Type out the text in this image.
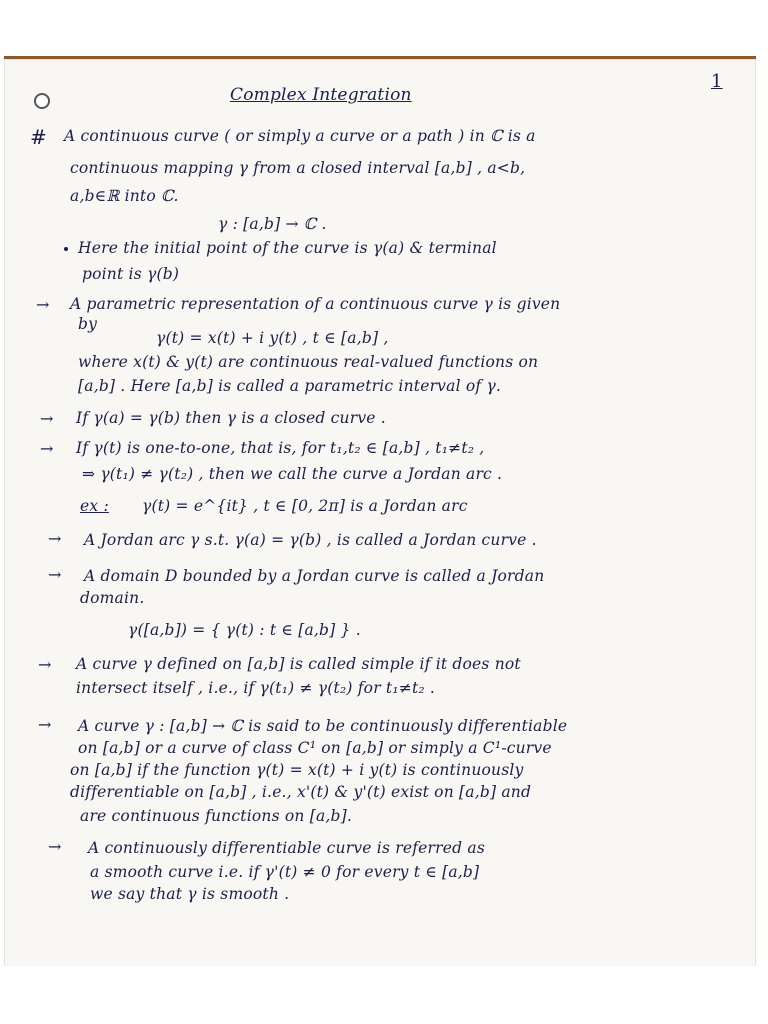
Complex Integration

1

# A continuous curve ( or simply a curve or a path ) in ℂ is a

continuous mapping γ from a closed interval [a,b] , a<b,

a,b∈ℝ into ℂ.

γ : [a,b] → ℂ .

Here the initial point of the curve is γ(a) & terminal

point is γ(b)

→ A parametric representation of a continuous curve γ is given

by

γ(t) = x(t) + i y(t) , t ∈ [a,b] ,

where x(t) & y(t) are continuous real-valued functions on

[a,b] . Here [a,b] is called a parametric interval of γ.

→ If γ(a) = γ(b) then γ is a closed curve .

→ If γ(t) is one-to-one, that is, for t₁,t₂ ∈ [a,b] , t₁≠t₂ ,

⇒ γ(t₁) ≠ γ(t₂) , then we call the curve a Jordan arc .

ex : γ(t) = e^{it} , t ∈ [0, 2π] is a Jordan arc

→ A Jordan arc γ s.t. γ(a) = γ(b) , is called a Jordan curve .

→ A domain D bounded by a Jordan curve is called a Jordan

domain.

γ([a,b]) = { γ(t) : t ∈ [a,b] } .

→ A curve γ defined on [a,b] is called simple if it does not

intersect itself , i.e., if γ(t₁) ≠ γ(t₂) for t₁≠t₂ .

→ A curve γ : [a,b] → ℂ is said to be continuously differentiable

on [a,b] or a curve of class C¹ on [a,b] or simply a C¹-curve

on [a,b] if the function γ(t) = x(t) + i y(t) is continuously

differentiable on [a,b] , i.e., x'(t) & y'(t) exist on [a,b] and

are continuous functions on [a,b].

→ A continuously differentiable curve is referred as

a smooth curve i.e. if γ'(t) ≠ 0 for every t ∈ [a,b]

we say that γ is smooth .
